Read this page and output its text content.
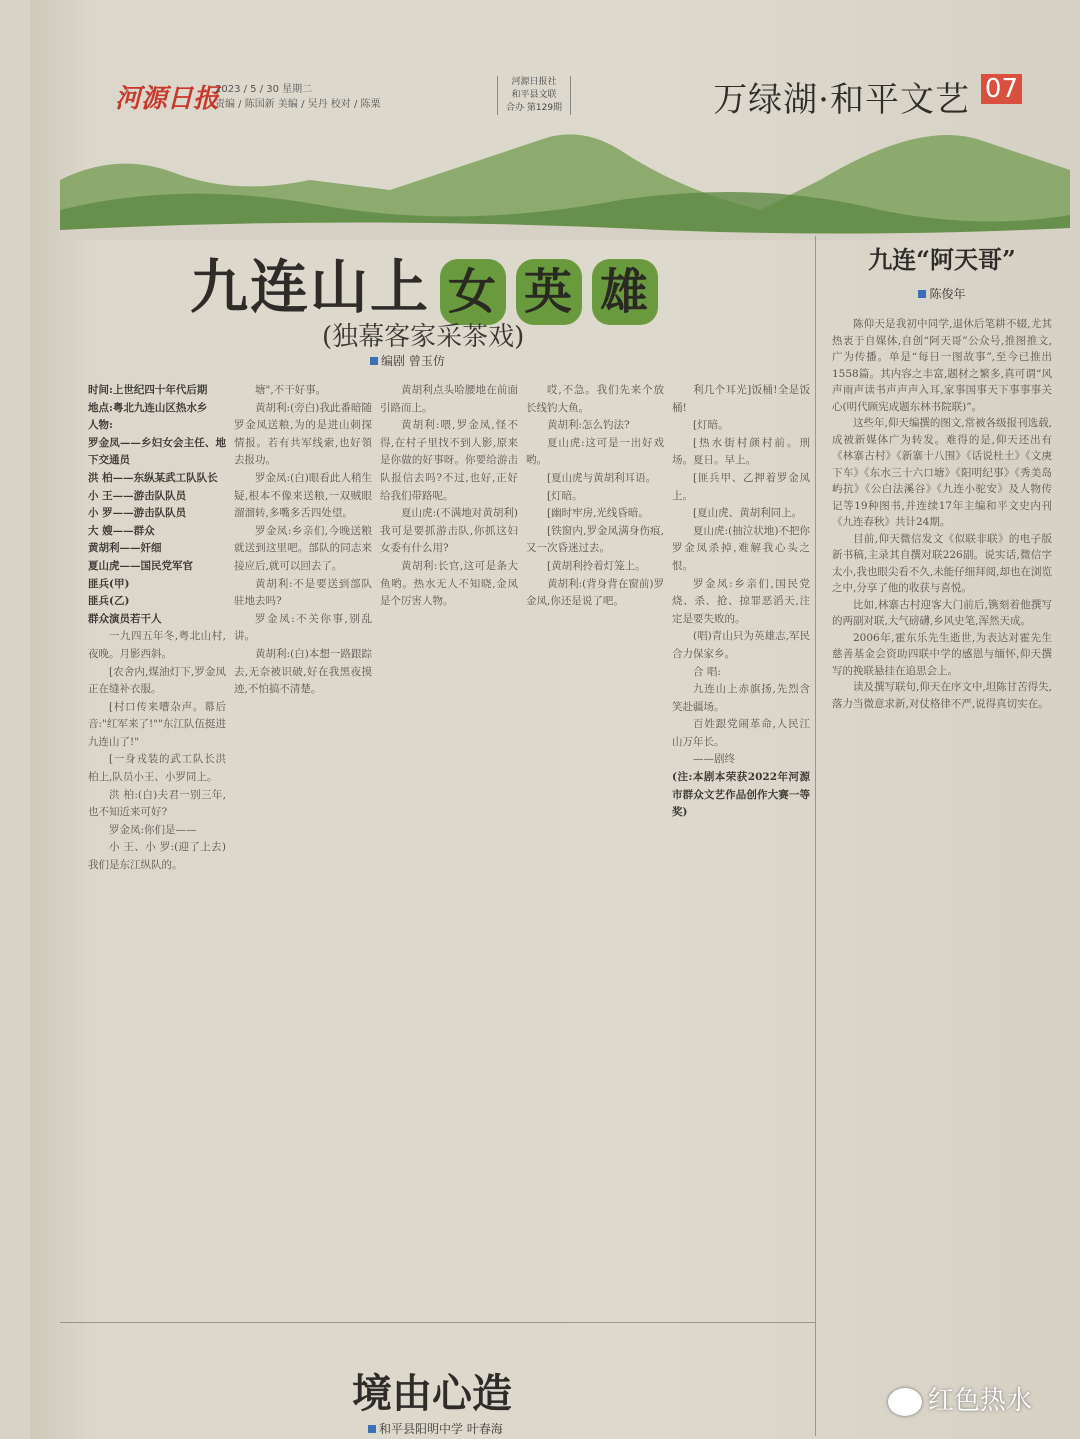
河源日报
2023 / 5 / 30 星期二
责编 / 陈国新 美编 / 吴丹 校对 / 陈栗
河源日报社
和平县文联
合办 第129期	万绿湖·和平文艺 07
九连山上 女 英 雄
(独幕客家采茶戏)
编剧 曾玉仿

时间:上世纪四十年代后期

地点:粤北九连山区热水乡

人物:

罗金凤——乡妇女会主任、地下交通员

洪 柏——东纵某武工队队长

小 王——游击队队员

小 罗——游击队队员

大 嫂——群众

黄胡利——奸细

夏山虎——国民党军官

匪兵(甲)

匪兵(乙)

群众演员若干人

一九四五年冬,粤北山村,夜晚。月影西斜。

[农舍内,煤油灯下,罗金凤正在缝补衣服。

[村口传来嘈杂声。幕后音:"红军来了!""东江队伍挺进九连山了!"

[一身戎装的武工队长洪柏上,队员小王、小罗同上。

洪 柏:(白)夫君一别三年,也不知近来可好?

罗金凤:你们是——

小 王、小 罗:(迎了上去)我们是东江纵队的。

塘",不干好事。

黄胡利:(旁白)我此番暗随罗金凤送粮,为的是进山刺探情报。若有共军线索,也好領去报功。

罗金凤:(白)眼看此人稍生疑,根本不像来送粮,一双贼眼溜溜转,多嘴多舌四处望。

罗金凤:乡亲们,今晚送粮就送到这里吧。部队的同志来接应后,就可以回去了。

黄胡利:不是要送到部队驻地去吗?

罗金凤:不关你事,别乱讲。

黄胡利:(白)本想一路跟踪去,无奈被识破,好在我黑夜摸迹,不怕搞不清楚。

黄胡利点头哈腰地在前面引路而上。

黄胡利:喂,罗金凤,怪不得,在村子里找不到人影,原来是你做的好事呀。你要给游击队报信去吗?不过,也好,正好给我们带路呢。

夏山虎:(不满地对黄胡利)我可是要抓游击队,你抓这妇女委有什么用?

黄胡利:长官,这可是条大鱼哟。热水无人不知晓,金凤是个厉害人物。

哎,不急。我们先来个放长线钓大鱼。

黄胡利:怎么钓法?

夏山虎:这可是一出好戏哟。

[夏山虎与黄胡利耳语。

[灯暗。

[幽时牢房,光线昏暗。

[铁窗内,罗金凤满身伤痕,又一次昏迷过去。

[黄胡利拎着灯笼上。

黄胡利:(背身背在窗前)罗金凤,你还是说了吧。

利几个耳光]饭桶!全是饭桶!

[灯暗。

[热水街村颜村前。刑场。夏日。早上。

[匪兵甲、乙押着罗金凤上。

[夏山虎、黄胡利同上。

夏山虎:(抽泣状地)不把你罗金凤杀掉,难解我心头之恨。

罗金凤:乡亲们,国民党烧、杀、抢、掠罪恶滔天,注定是要失败的。

(唱)青山只为英雄志,军民合力保家乡。

合 唱:

九连山上赤旗扬,先烈含笑赴疆场。

百姓跟党闹革命,人民江山万年长。

——剧终

(注:本剧本荣获2022年河源市群众文艺作品创作大赛一等奖)

九连“阿天哥”
陈俊年

陈仰天是我初中同学,退休后笔耕不辍,尤其热衷于自媒体,自创“阿天哥”公众号,推图推文,广为传播。单是“每日一图故事”,至今已推出1558篇。其内容之丰富,题材之繁多,真可谓“风声雨声读书声声声入耳,家事国事天下事事事关心(明代顾宪成题东林书院联)”。

这些年,仰天编撰的图文,常被各级报刊选载,成被新媒体广为转发。难得的是,仰天还出有《林寨古村》《新寨十八围》《话说杜土》《文庚下车》《东水三十六口塘》《阳明纪事》《秀美岛屿抗》《公白法溪谷》《九连小驼安》及人物传记等19种图书,并连续17年主编和平文史内刊《九连春秋》共计24期。

目前,仰天微信发文《似联非联》的电子版新书稿,主录其自撰对联226副。说实话,微信字太小,我也眼尖看不久,未能仔细拜阅,却也在浏览之中,分享了他的收获与喜悦。

比如,林寨古村迎客大门前后,镌刻着他撰写的两副对联,大气磅礴,乡风史笔,浑然天成。

2006年,霍东乐先生逝世,为表达对霍先生慈善基金会资助四联中学的感恩与缅怀,仰天撰写的挽联悬挂在追思会上。

读及撰写联句,仰天在序文中,坦陈甘苦得失,落力当微意求新,对仗格律不严,说得真切实在。

境由心造
和平县阳明中学 叶春海
红色热水
